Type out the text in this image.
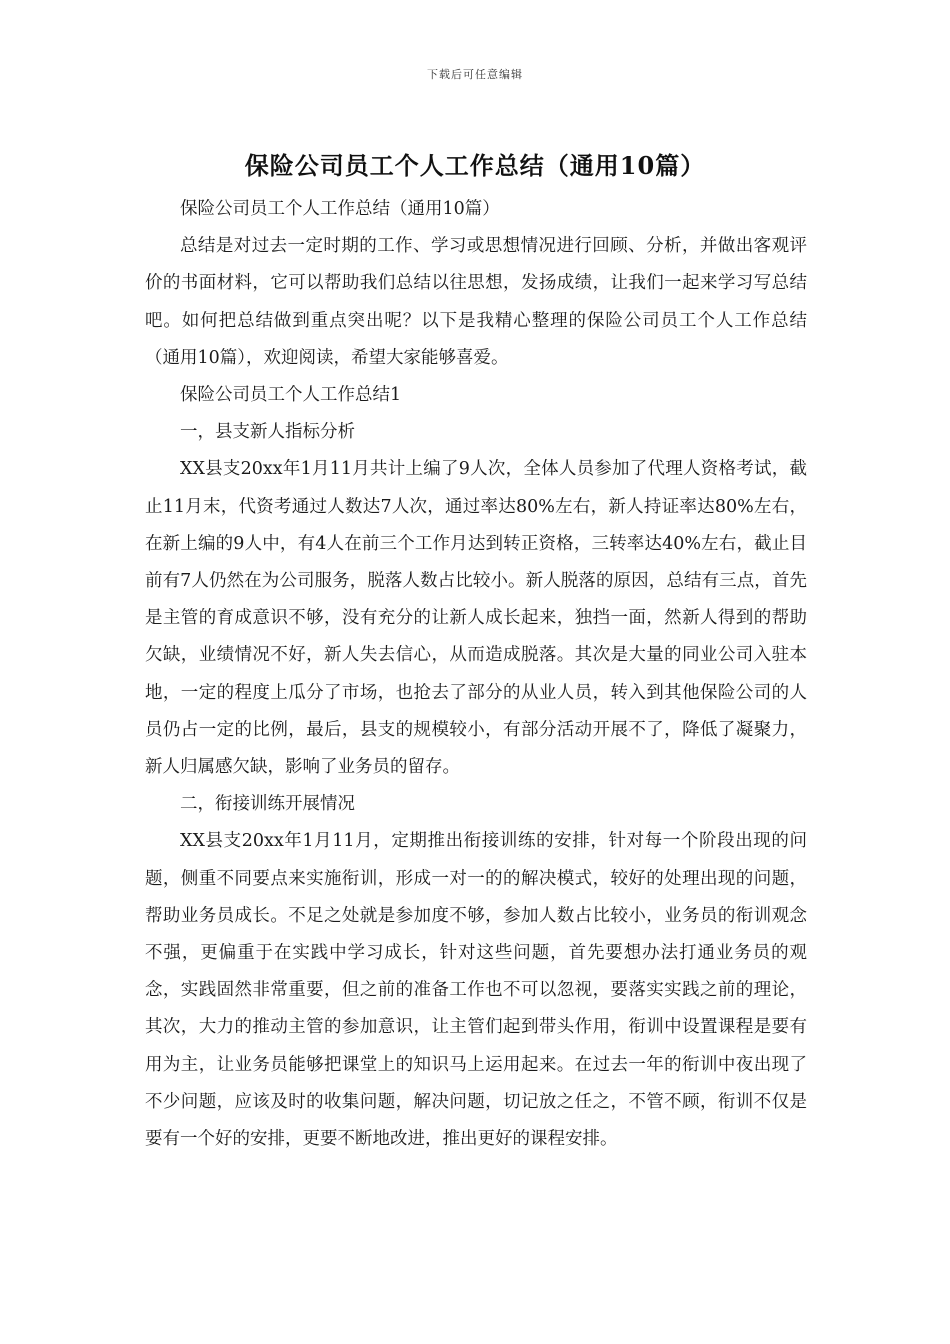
下载后可任意编辑
保险公司员工个人工作总结（通用10篇）

保险公司员工个人工作总结（通用10篇）

总结是对过去一定时期的工作、学习或思想情况进行回顾、分析，并做出客观评价的书面材料，它可以帮助我们总结以往思想，发扬成绩，让我们一起来学习写总结吧。如何把总结做到重点突出呢？以下是我精心整理的保险公司员工个人工作总结（通用10篇），欢迎阅读，希望大家能够喜爱。

保险公司员工个人工作总结1

一，县支新人指标分析

XX县支20xx年1月11月共计上编了9人次，全体人员参加了代理人资格考试，截止11月末，代资考通过人数达7人次，通过率达80%左右，新人持证率达80%左右，在新上编的9人中，有4人在前三个工作月达到转正资格，三转率达40%左右，截止目前有7人仍然在为公司服务，脱落人数占比较小。新人脱落的原因，总结有三点，首先是主管的育成意识不够，没有充分的让新人成长起来，独挡一面，然新人得到的帮助欠缺，业绩情况不好，新人失去信心，从而造成脱落。其次是大量的同业公司入驻本地，一定的程度上瓜分了市场，也抢去了部分的从业人员，转入到其他保险公司的人员仍占一定的比例，最后，县支的规模较小，有部分活动开展不了，降低了凝聚力，新人归属感欠缺，影响了业务员的留存。

二，衔接训练开展情况

XX县支20xx年1月11月，定期推出衔接训练的安排，针对每一个阶段出现的问题，侧重不同要点来实施衔训，形成一对一的的解决模式，较好的处理出现的问题，帮助业务员成长。不足之处就是参加度不够，参加人数占比较小，业务员的衔训观念不强，更偏重于在实践中学习成长，针对这些问题，首先要想办法打通业务员的观念，实践固然非常重要，但之前的准备工作也不可以忽视，要落实实践之前的理论，其次，大力的推动主管的参加意识，让主管们起到带头作用，衔训中设置课程是要有用为主，让业务员能够把课堂上的知识马上运用起来。在过去一年的衔训中夜出现了不少问题，应该及时的收集问题，解决问题，切记放之任之，不管不顾，衔训不仅是要有一个好的安排，更要不断地改进，推出更好的课程安排。
